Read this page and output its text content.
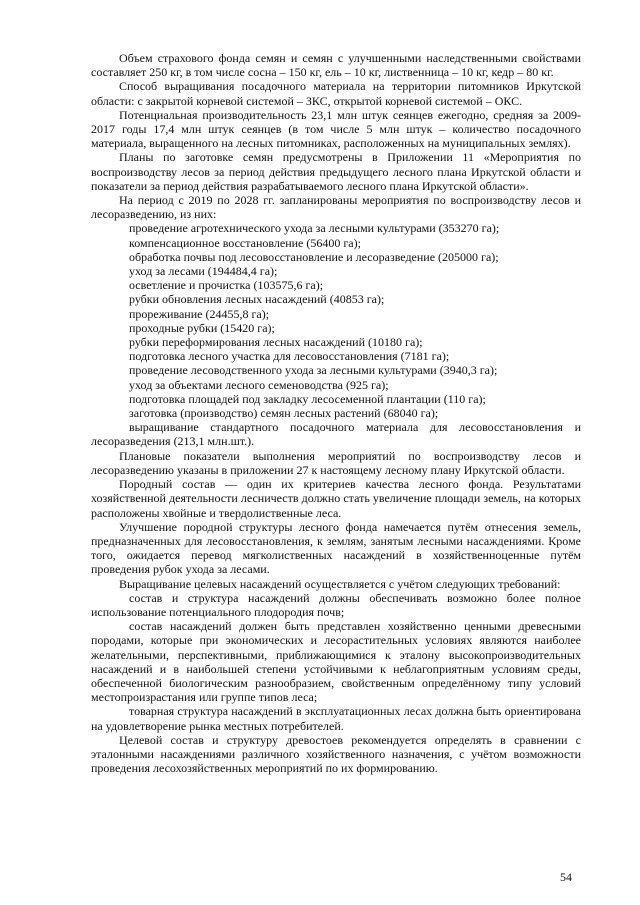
Объем страхового фонда семян и семян с улучшенными наследственными свойствами составляет 250 кг, в том числе сосна – 150 кг, ель – 10 кг, лиственница – 10 кг, кедр – 80 кг.

Способ выращивания посадочного материала на территории питомников Иркутской области: с закрытой корневой системой – ЗКС, открытой корневой системой – ОКС.

Потенциальная производительность 23,1 млн штук сеянцев ежегодно, средняя за 2009-2017 годы 17,4 млн штук сеянцев (в том числе 5 млн штук – количество посадочного материала, выращенного на лесных питомниках, расположенных на муниципальных землях).

Планы по заготовке семян предусмотрены в Приложении 11 «Мероприятия по воспроизводству лесов за период действия предыдущего лесного плана Иркутской области и показатели за период действия разрабатываемого лесного плана Иркутской области».

На период с 2019 по 2028 гг. запланированы мероприятия по воспроизводству лесов и лесоразведению, из них:

проведение агротехнического ухода за лесными культурами (353270 га);

компенсационное восстановление (56400 га);

обработка почвы под лесовосстановление и лесоразведение (205000 га);

уход за лесами (194484,4 га);

осветление и прочистка (103575,6 га);

рубки обновления лесных насаждений (40853 га);

прореживание (24455,8 га);

проходные рубки (15420 га);

рубки переформирования лесных насаждений (10180 га);

подготовка лесного участка для лесовосстановления (7181 га);

проведение лесоводственного ухода за лесными культурами (3940,3 га);

уход за объектами лесного семеноводства (925 га);

подготовка площадей под закладку лесосеменной плантации (110 га);

заготовка (производство) семян лесных растений (68040 га);

выращивание стандартного посадочного материала для лесовосстановления и лесоразведения (213,1 млн.шт.).

Плановые показатели выполнения мероприятий по воспроизводству лесов и лесоразведению указаны в приложении 27 к настоящему лесному плану Иркутской области.

Породный состав — один их критериев качества лесного фонда. Результатами хозяйственной деятельности лесничеств должно стать увеличение площади земель, на которых расположены хвойные и твердолиственные леса.

Улучшение породной структуры лесного фонда намечается путём отнесения земель, предназначенных для лесовосстановления, к землям, занятым лесными насаждениями. Кроме того, ожидается перевод мягколиственных насаждений в хозяйственноценные путём проведения рубок ухода за лесами.

Выращивание целевых насаждений осуществляется с учётом следующих требований:

состав и структура насаждений должны обеспечивать возможно более полное использование потенциального плодородия почв;

состав насаждений должен быть представлен хозяйственно ценными древесными породами, которые при экономических и лесорастительных условиях являются наиболее желательными, перспективными, приближающимися к эталону высокопроизводительных насаждений и в наибольшей степени устойчивыми к неблагоприятным условиям среды, обеспеченной биологическим разнообразием, свойственным определённому типу условий местопроизрастания или группе типов леса;

товарная структура насаждений в эксплуатационных лесах должна быть ориентирована на удовлетворение рынка местных потребителей.

Целевой состав и структуру древостоев рекомендуется определять в сравнении с эталонными насаждениями различного хозяйственного назначения, с учётом возможности проведения лесохозяйственных мероприятий по их формированию.

54
